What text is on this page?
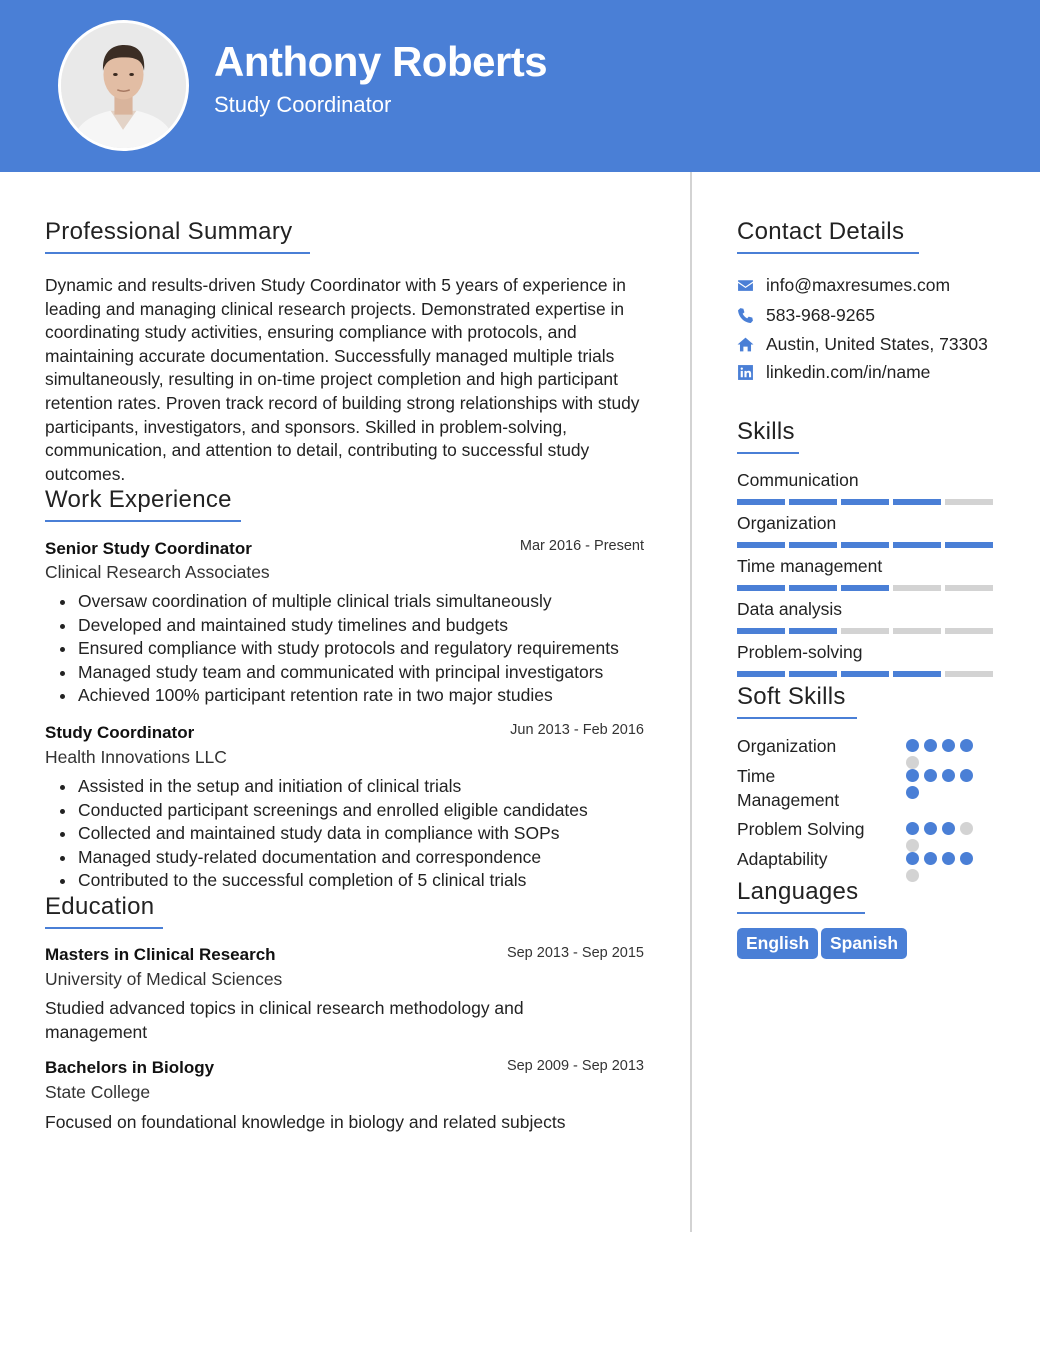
Anthony Roberts
Study Coordinator
Professional Summary
Dynamic and results-driven Study Coordinator with 5 years of experience in leading and managing clinical research projects. Demonstrated expertise in coordinating study activities, ensuring compliance with protocols, and maintaining accurate documentation. Successfully managed multiple trials simultaneously, resulting in on-time project completion and high participant retention rates. Proven track record of building strong relationships with study participants, investigators, and sponsors. Skilled in problem-solving, communication, and attention to detail, contributing to successful study outcomes.
Work Experience
Senior Study Coordinator	Mar 2016 - Present
Clinical Research Associates
Oversaw coordination of multiple clinical trials simultaneously
Developed and maintained study timelines and budgets
Ensured compliance with study protocols and regulatory requirements
Managed study team and communicated with principal investigators
Achieved 100% participant retention rate in two major studies
Study Coordinator	Jun 2013 - Feb 2016
Health Innovations LLC
Assisted in the setup and initiation of clinical trials
Conducted participant screenings and enrolled eligible candidates
Collected and maintained study data in compliance with SOPs
Managed study-related documentation and correspondence
Contributed to the successful completion of 5 clinical trials
Education
Masters in Clinical Research	Sep 2013 - Sep 2015
University of Medical Sciences
Studied advanced topics in clinical research methodology and management
Bachelors in Biology	Sep 2009 - Sep 2013
State College
Focused on foundational knowledge in biology and related subjects
Contact Details
info@maxresumes.com
583-968-9265
Austin, United States, 73303
linkedin.com/in/name
Skills
Communication
Organization
Time management
Data analysis
Problem-solving
Soft Skills
Organization
Time Management
Problem Solving
Adaptability
Languages
English	Spanish
